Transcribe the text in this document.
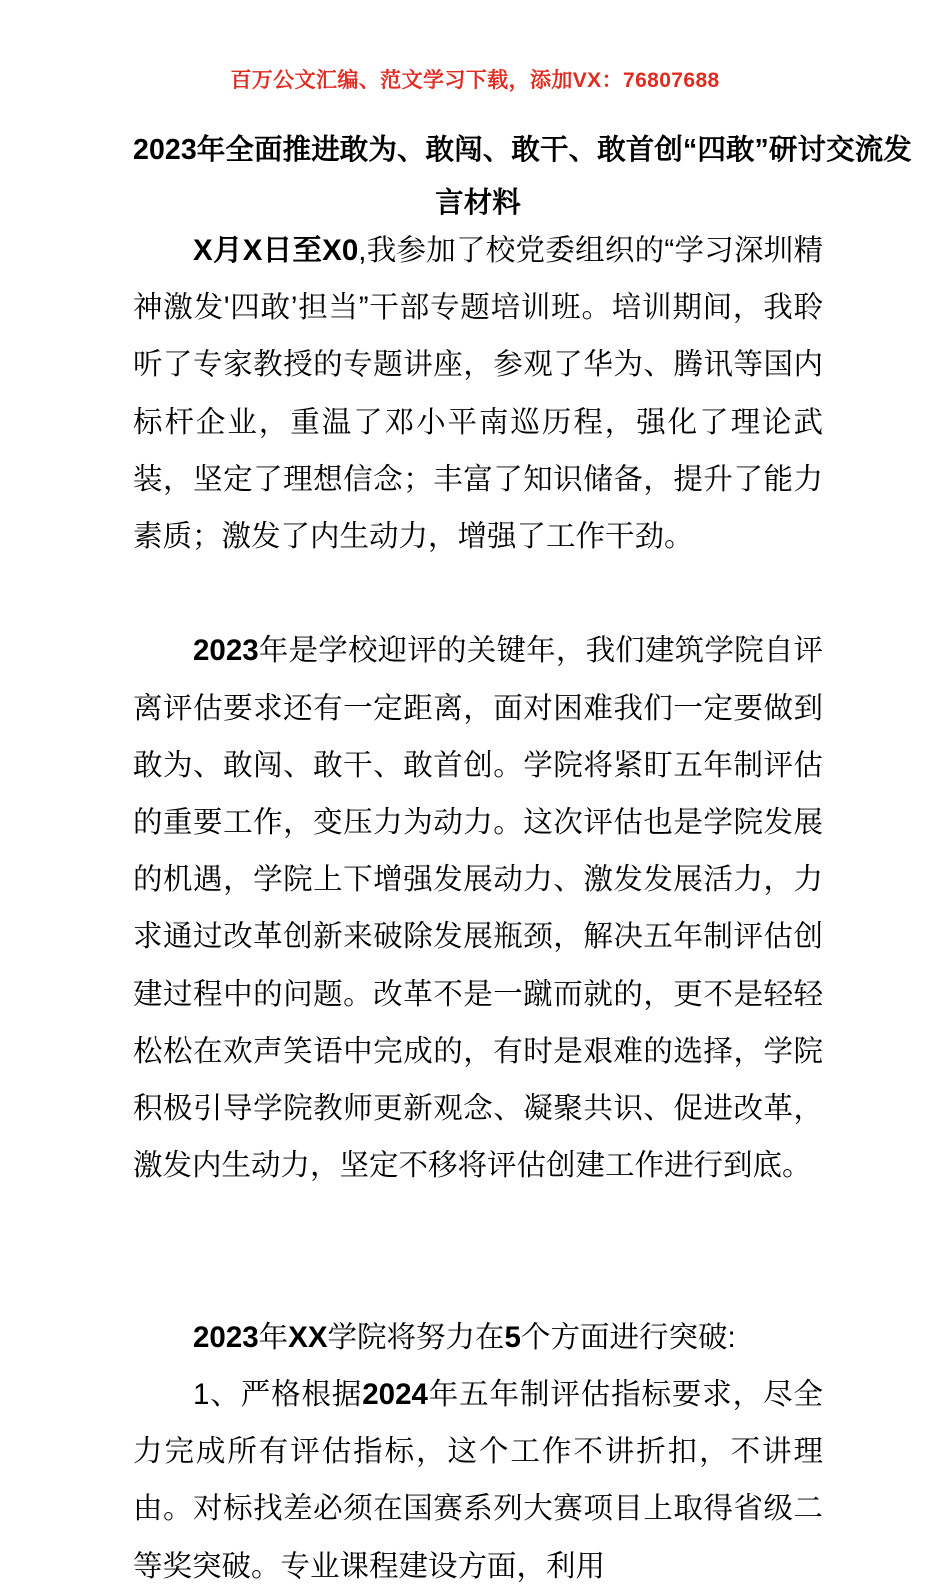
百万公文汇编、范文学习下载，添加VX：76807688
2023年全面推进敢为、敢闯、敢干、敢首创“四敢”研讨交流发
言材料

X月X日至X0,我参加了校党委组织的“学习深圳精神激发'四敢’担当”干部专题培训班。培训期间，我聆听了专家教授的专题讲座，参观了华为、腾讯等国内标杆企业，重温了邓小平南巡历程，强化了理论武装，坚定了理想信念；丰富了知识储备，提升了能力素质；激发了内生动力，增强了工作干劲。

2023年是学校迎评的关键年，我们建筑学院自评离评估要求还有一定距离，面对困难我们一定要做到敢为、敢闯、敢干、敢首创。学院将紧盯五年制评估的重要工作，变压力为动力。这次评估也是学院发展的机遇，学院上下增强发展动力、激发发展活力，力求通过改革创新来破除发展瓶颈，解决五年制评估创建过程中的问题。改革不是一蹴而就的，更不是轻轻松松在欢声笑语中完成的，有时是艰难的选择，学院积极引导学院教师更新观念、凝聚共识、促进改革，激发内生动力，坚定不移将评估创建工作进行到底。

2023年XX学院将努力在5个方面进行突破:

1、严格根据2024年五年制评估指标要求，尽全力完成所有评估指标，这个工作不讲折扣，不讲理由。对标找差必须在国赛系列大赛项目上取得省级二等奖突破。专业课程建设方面，利用
